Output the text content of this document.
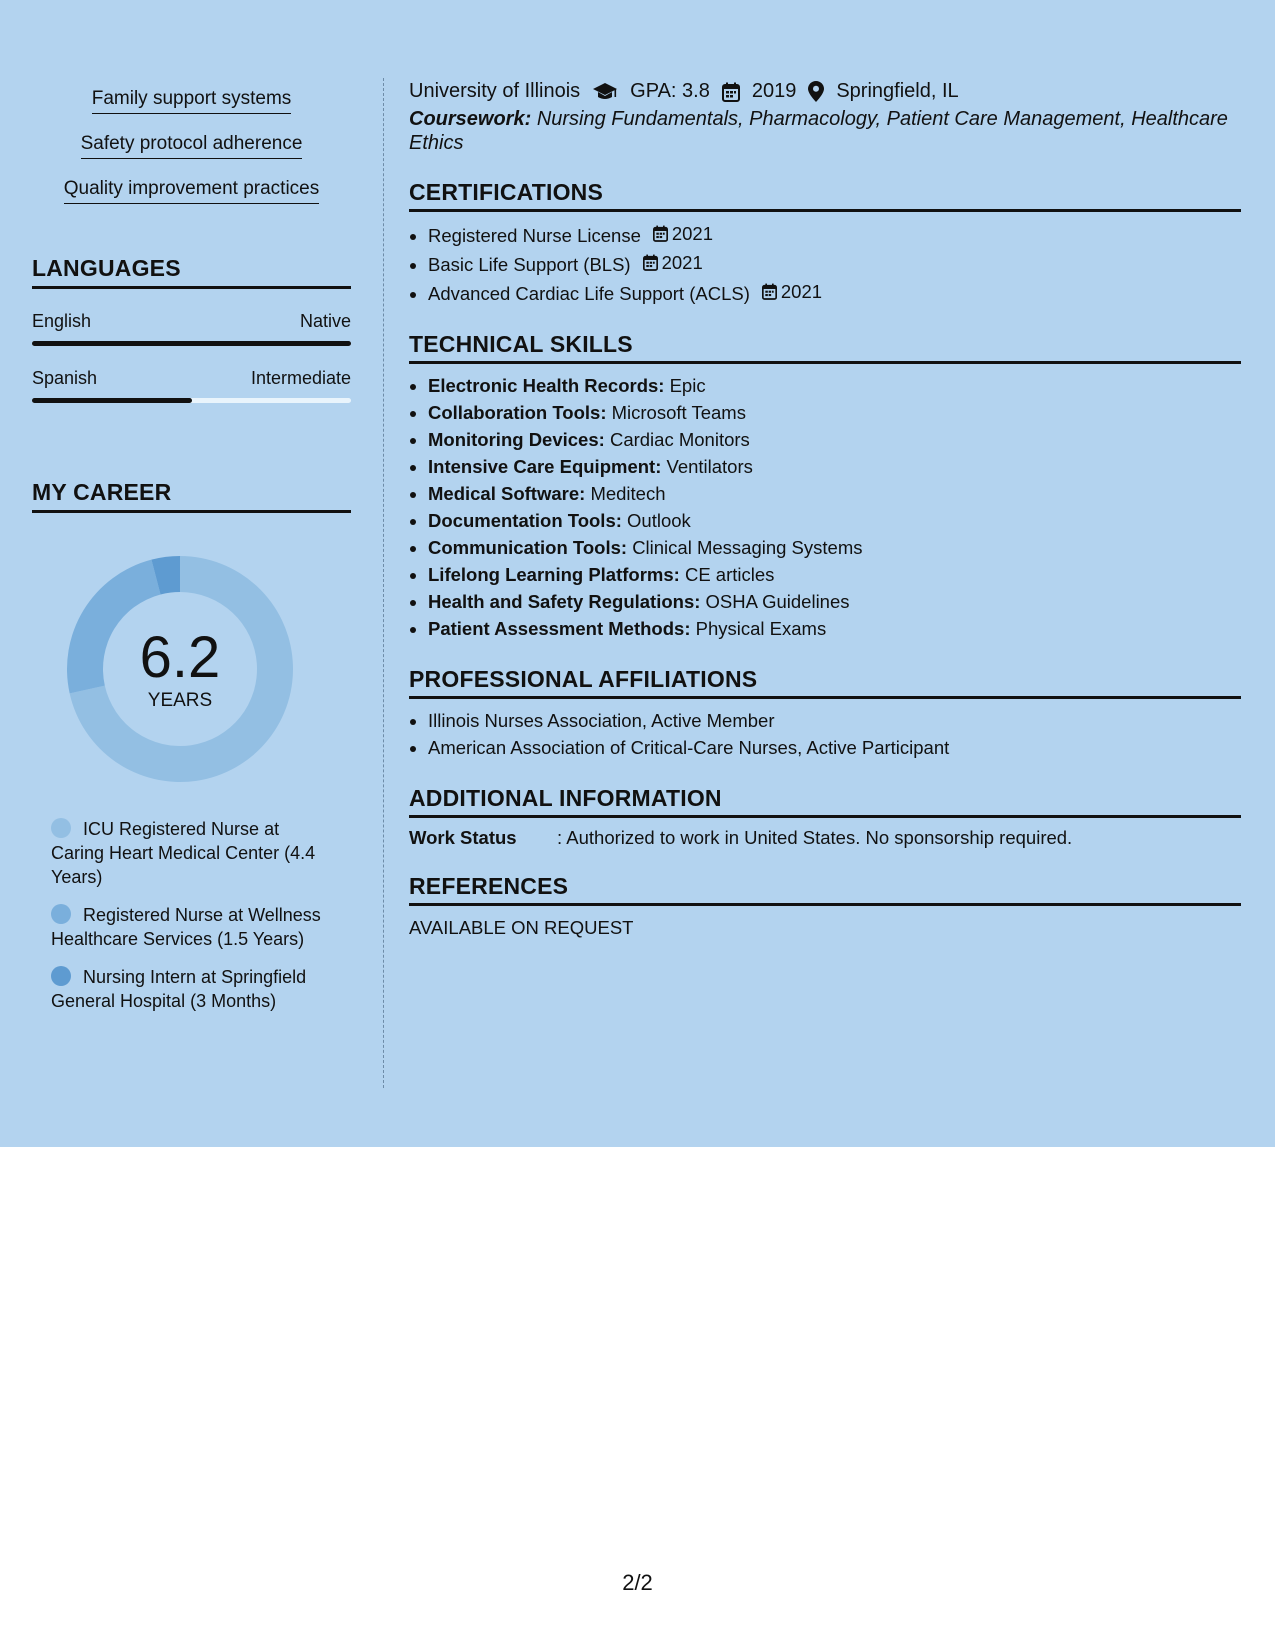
Family support systems
Safety protocol adherence
Quality improvement practices
LANGUAGES
English	Native
Spanish	Intermediate
MY CAREER
6.2
YEARS
ICU Registered Nurse at Caring Heart Medical Center (4.4 Years)
Registered Nurse at Wellness Healthcare Services (1.5 Years)
Nursing Intern at Springfield General Hospital (3 Months)
University of Illinois	GPA: 3.8 2019 Springfield, IL
Coursework: Nursing Fundamentals, Pharmacology, Patient Care Management, Healthcare Ethics
CERTIFICATIONS
• Registered Nurse License 2021
• Basic Life Support (BLS) 2021
• Advanced Cardiac Life Support (ACLS) 2021
TECHNICAL SKILLS
• Electronic Health Records: Epic
• Collaboration Tools: Microsoft Teams
• Monitoring Devices: Cardiac Monitors
• Intensive Care Equipment: Ventilators
• Medical Software: Meditech
• Documentation Tools: Outlook
• Communication Tools: Clinical Messaging Systems
• Lifelong Learning Platforms: CE articles
• Health and Safety Regulations: OSHA Guidelines
• Patient Assessment Methods: Physical Exams
PROFESSIONAL AFFILIATIONS
• Illinois Nurses Association, Active Member
• American Association of Critical-Care Nurses, Active Participant
ADDITIONAL INFORMATION
Work Status	: Authorized to work in United States. No sponsorship required.
REFERENCES
AVAILABLE ON REQUEST
2/2
